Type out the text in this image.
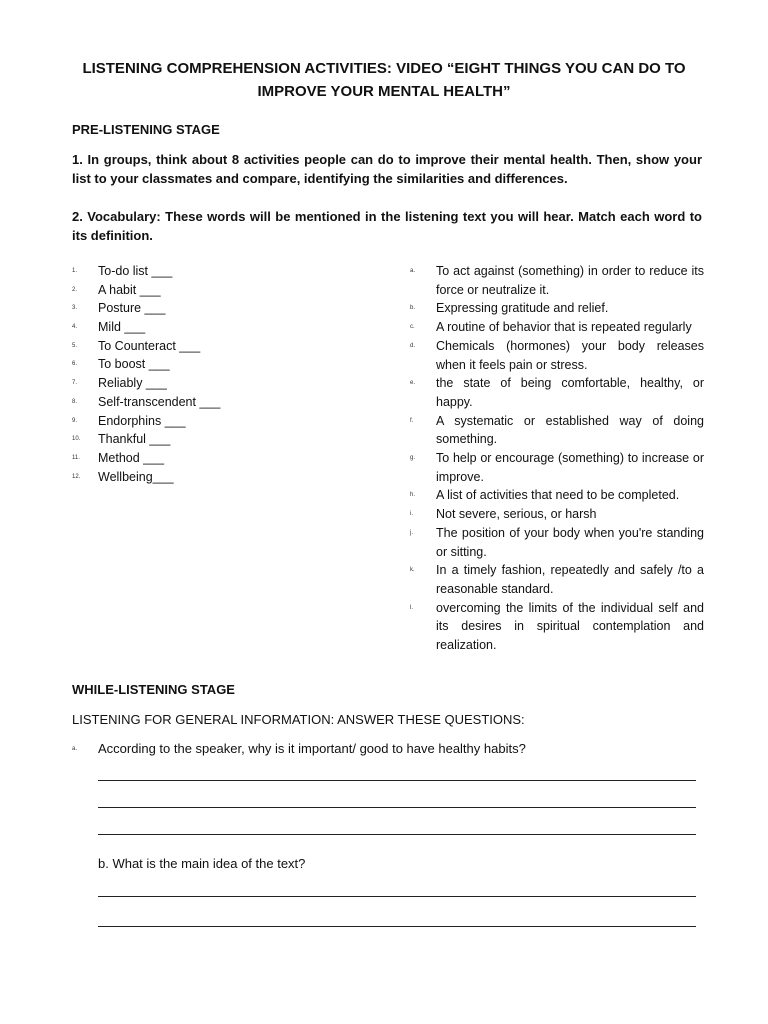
LISTENING COMPREHENSION ACTIVITIES: VIDEO “EIGHT THINGS YOU CAN DO TO IMPROVE YOUR MENTAL HEALTH”
PRE-LISTENING STAGE
1. In groups, think about 8 activities people can do to improve their mental health. Then, show your list to your classmates and compare, identifying the similarities and differences.
2. Vocabulary: These words will be mentioned in the listening text you will hear. Match each word to its definition.
1.	To-do list ___
2.	A habit ___
3.	Posture ___
4.	Mild ___
5.	To Counteract ___
6.	To boost ___
7.	Reliably ___
8.	Self-transcendent ___
9.	Endorphins ___
10.	Thankful ___
11.	Method ___
12.	Wellbeing___
a. To act against (something) in order to reduce its force or neutralize it.
b. Expressing gratitude and relief.
c. A routine of behavior that is repeated regularly
d. Chemicals (hormones) your body releases when it feels pain or stress.
e. the state of being comfortable, healthy, or happy.
f. A systematic or established way of doing something.
g. To help or encourage (something) to increase or improve.
h. A list of activities that need to be completed.
i. Not severe, serious, or harsh
j. The position of your body when you're standing or sitting.
k. In a timely fashion, repeatedly and safely /to a reasonable standard.
l. overcoming the limits of the individual self and its desires in spiritual contemplation and realization.
WHILE-LISTENING STAGE
LISTENING FOR GENERAL INFORMATION: ANSWER THESE QUESTIONS:
a. According to the speaker, why is it important/ good to have healthy habits?
b. What is the main idea of the text?
